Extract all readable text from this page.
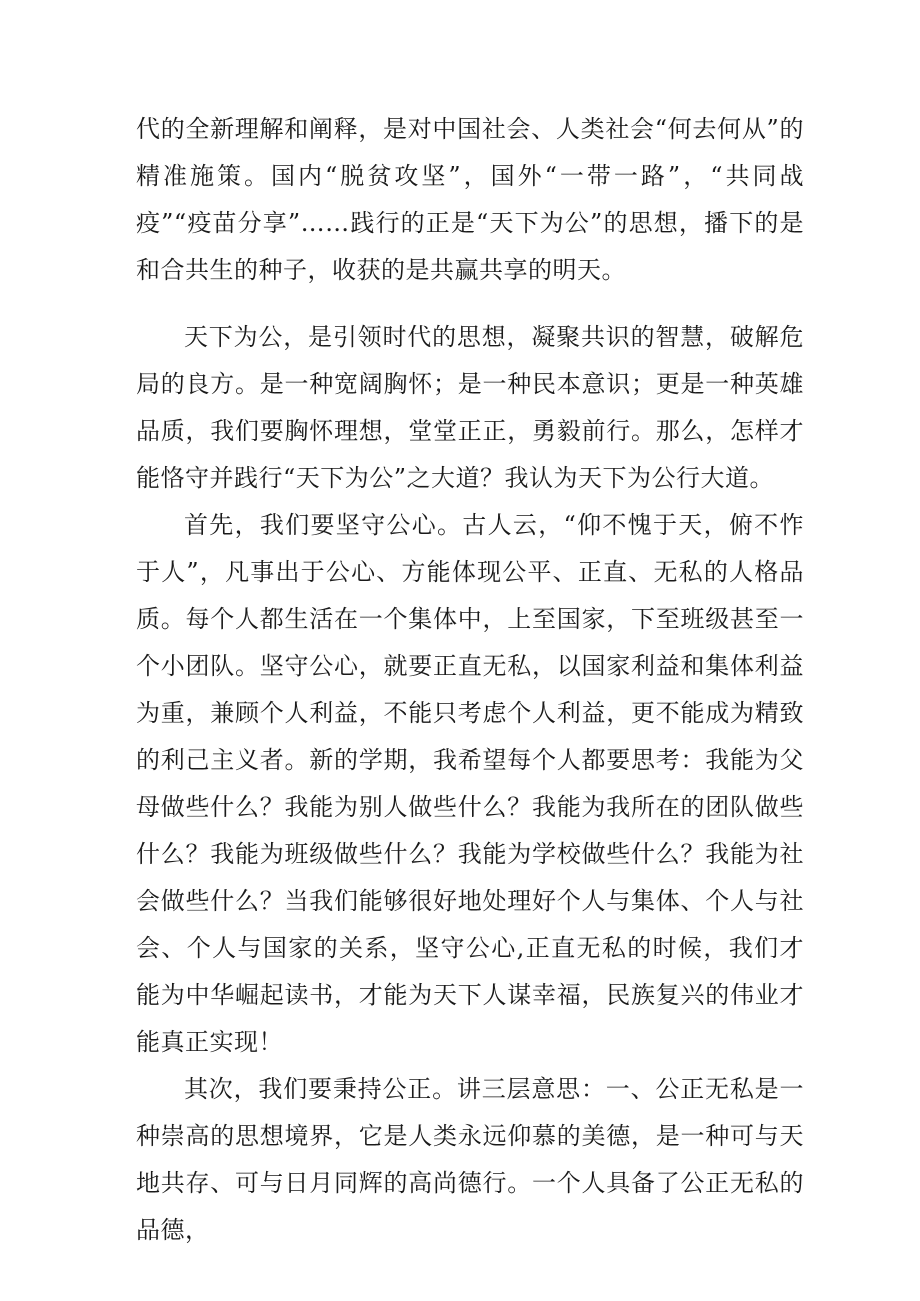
代的全新理解和阐释，是对中国社会、人类社会“何去何从”的精准施策。国内“脱贫攻坚”，国外“一带一路”，“共同战疫”“疫苗分享”……践行的正是“天下为公”的思想，播下的是和合共生的种子，收获的是共赢共享的明天。

天下为公，是引领时代的思想，凝聚共识的智慧，破解危局的良方。是一种宽阔胸怀；是一种民本意识；更是一种英雄品质，我们要胸怀理想，堂堂正正，勇毅前行。那么，怎样才能恪守并践行“天下为公”之大道？我认为天下为公行大道。

首先，我们要坚守公心。古人云，“仰不愧于天，俯不怍于人”，凡事出于公心、方能体现公平、正直、无私的人格品质。每个人都生活在一个集体中，上至国家，下至班级甚至一个小团队。坚守公心，就要正直无私，以国家利益和集体利益为重，兼顾个人利益，不能只考虑个人利益，更不能成为精致的利己主义者。新的学期，我希望每个人都要思考：我能为父母做些什么？我能为别人做些什么？我能为我所在的团队做些什么？我能为班级做些什么？我能为学校做些什么？我能为社会做些什么？当我们能够很好地处理好个人与集体、个人与社会、个人与国家的关系，坚守公心,正直无私的时候，我们才能为中华崛起读书，才能为天下人谋幸福，民族复兴的伟业才能真正实现！

其次，我们要秉持公正。讲三层意思：一、公正无私是一种崇高的思想境界，它是人类永远仰慕的美德，是一种可与天地共存、可与日月同辉的高尚德行。一个人具备了公正无私的品德，
